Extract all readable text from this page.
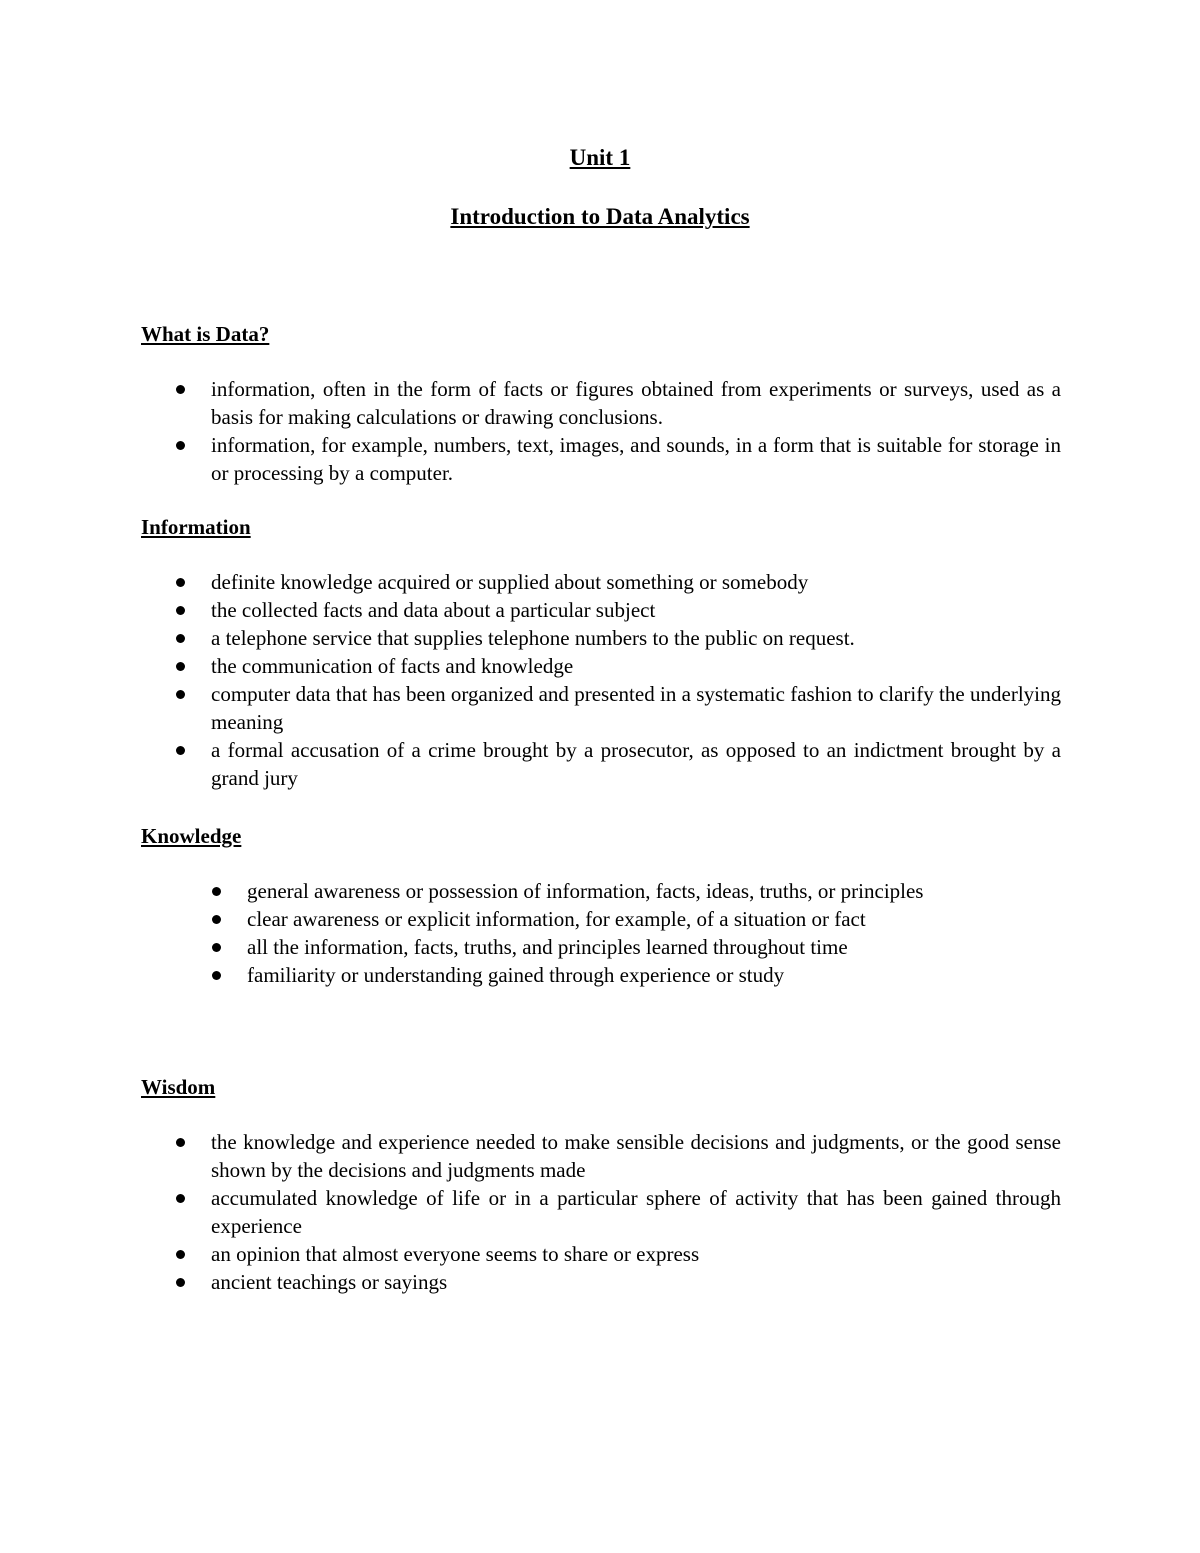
Unit 1
Introduction to Data Analytics
What is Data?
information, often in the form of facts or figures obtained from experiments or surveys, used as a basis for making calculations or drawing conclusions.
information, for example, numbers, text, images, and sounds, in a form that is suitable for storage in or processing by a computer.
Information
definite knowledge acquired or supplied about something or somebody
the collected facts and data about a particular subject
a telephone service that supplies telephone numbers to the public on request.
the communication of facts and knowledge
computer data that has been organized and presented in a systematic fashion to clarify the underlying meaning
a formal accusation of a crime brought by a prosecutor, as opposed to an indictment brought by a grand jury
Knowledge
general awareness or possession of information, facts, ideas, truths, or principles
clear awareness or explicit information, for example, of a situation or fact
all the information, facts, truths, and principles learned throughout time
familiarity or understanding gained through experience or study
Wisdom
the knowledge and experience needed to make sensible decisions and judgments, or the good sense shown by the decisions and judgments made
accumulated knowledge of life or in a particular sphere of activity that has been gained through experience
an opinion that almost everyone seems to share or express
ancient teachings or sayings
